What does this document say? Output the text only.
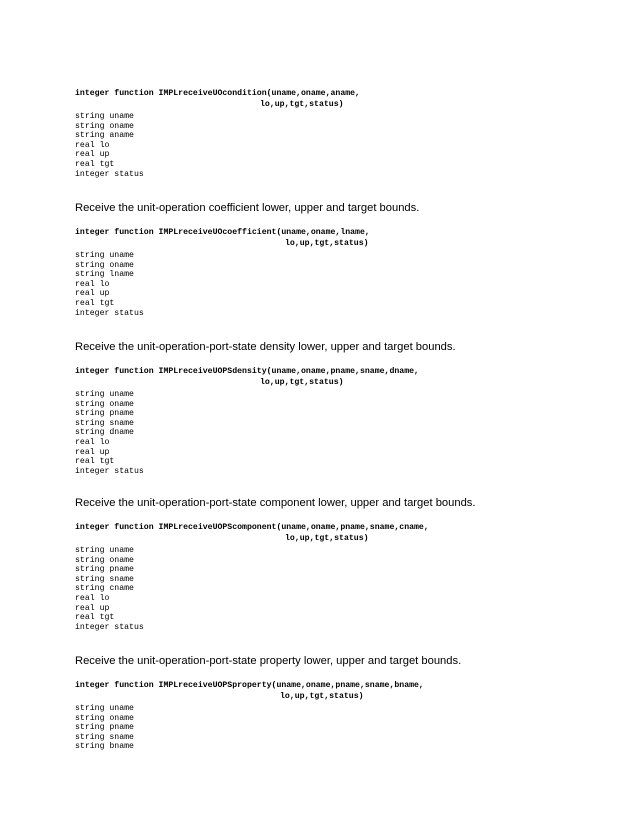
integer function IMPLreceiveUOcondition(uname,oname,aname,
lo,up,tgt,status)
string uname
string oname
string aname
real lo
real up
real tgt
integer status

Receive the unit-operation coefficient lower, upper and target bounds.

integer function IMPLreceiveUOcoefficient(uname,oname,lname,
lo,up,tgt,status)
string uname
string oname
string lname
real lo
real up
real tgt
integer status

Receive the unit-operation-port-state density lower, upper and target bounds.

integer function IMPLreceiveUOPSdensity(uname,oname,pname,sname,dname,
lo,up,tgt,status)
string uname
string oname
string pname
string sname
string dname
real lo
real up
real tgt
integer status

Receive the unit-operation-port-state component lower, upper and target bounds.

integer function IMPLreceiveUOPScomponent(uname,oname,pname,sname,cname,
lo,up,tgt,status)
string uname
string oname
string pname
string sname
string cname
real lo
real up
real tgt
integer status

Receive the unit-operation-port-state property lower, upper and target bounds.

integer function IMPLreceiveUOPSproperty(uname,oname,pname,sname,bname,
lo,up,tgt,status)
string uname
string oname
string pname
string sname
string bname
